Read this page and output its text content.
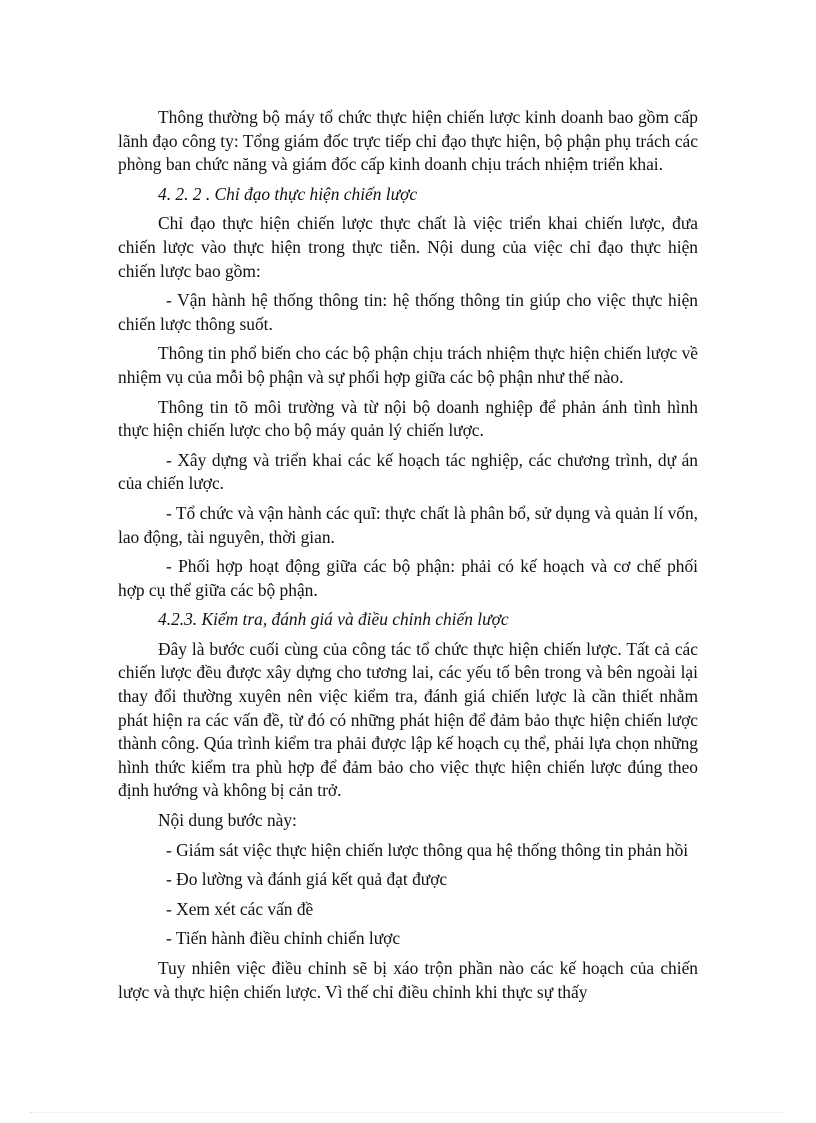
Thông thường bộ máy tổ chức thực hiện chiến lược kinh doanh bao gồm cấp lãnh đạo công ty: Tổng giám đốc trực tiếp chỉ đạo thực hiện, bộ phận phụ trách các phòng ban chức năng và giám đốc cấp kinh doanh chịu trách nhiệm triển khai.

4. 2. 2 . Chỉ đạo thực hiện chiến lược

Chỉ đạo thực hiện chiến lược thực chất là việc triển khai chiến lược, đưa chiến lược vào thực hiện trong thực tiễn. Nội dung của việc chỉ đạo thực hiện chiến lược bao gồm:

- Vận hành hệ thống thông tin: hệ thống thông tin giúp cho việc thực hiện chiến lược thông suốt.

Thông tin phổ biến cho các bộ phận chịu trách nhiệm thực hiện chiến lược về nhiệm vụ của mỗi bộ phận và sự phối hợp giữa các bộ phận như thế nào.

Thông tin tõ môi trường và từ nội bộ doanh nghiệp để phản ánh tình hình thực hiện chiến lược cho bộ máy quản lý chiến lược.

- Xây dựng và triển khai các kế hoạch tác nghiệp, các chương trình, dự án của chiến lược.

- Tổ chức và vận hành các quĩ: thực chất là phân bổ, sử dụng và quản lí vốn, lao động, tài nguyên, thời gian.

- Phối hợp hoạt động giữa các bộ phận: phải có kế hoạch và cơ chế phối hợp cụ thể giữa các bộ phận.

4.2.3. Kiểm tra, đánh giá và điều chỉnh chiến lược

Đây là bước cuối cùng của công tác tổ chức thực hiện chiến lược. Tất cả các chiến lược đều được xây dựng cho tương lai, các yếu tố bên trong và bên ngoài lại thay đổi thường xuyên nên việc kiểm tra, đánh giá chiến lược là cần thiết nhằm phát hiện ra các vấn đề, từ đó có những phát hiện để đảm bảo thực hiện chiến lược thành công. Qúa trình kiểm tra phải được lập kế hoạch cụ thể, phải lựa chọn những hình thức kiểm tra phù hợp để đảm bảo cho việc thực hiện chiến lược đúng theo định hướng và không bị cản trở.

Nội dung bước này:

- Giám sát việc thực hiện chiến lược thông qua hệ thống thông tin phản hồi

- Đo lường và đánh giá kết quả đạt được

- Xem xét các vấn đề

- Tiến hành điều chỉnh chiến lược

Tuy nhiên việc điều chỉnh sẽ bị xáo trộn phần nào các kế hoạch của chiến lược và thực hiện chiến lược. Vì thế chỉ điều chỉnh khi thực sự thấy
